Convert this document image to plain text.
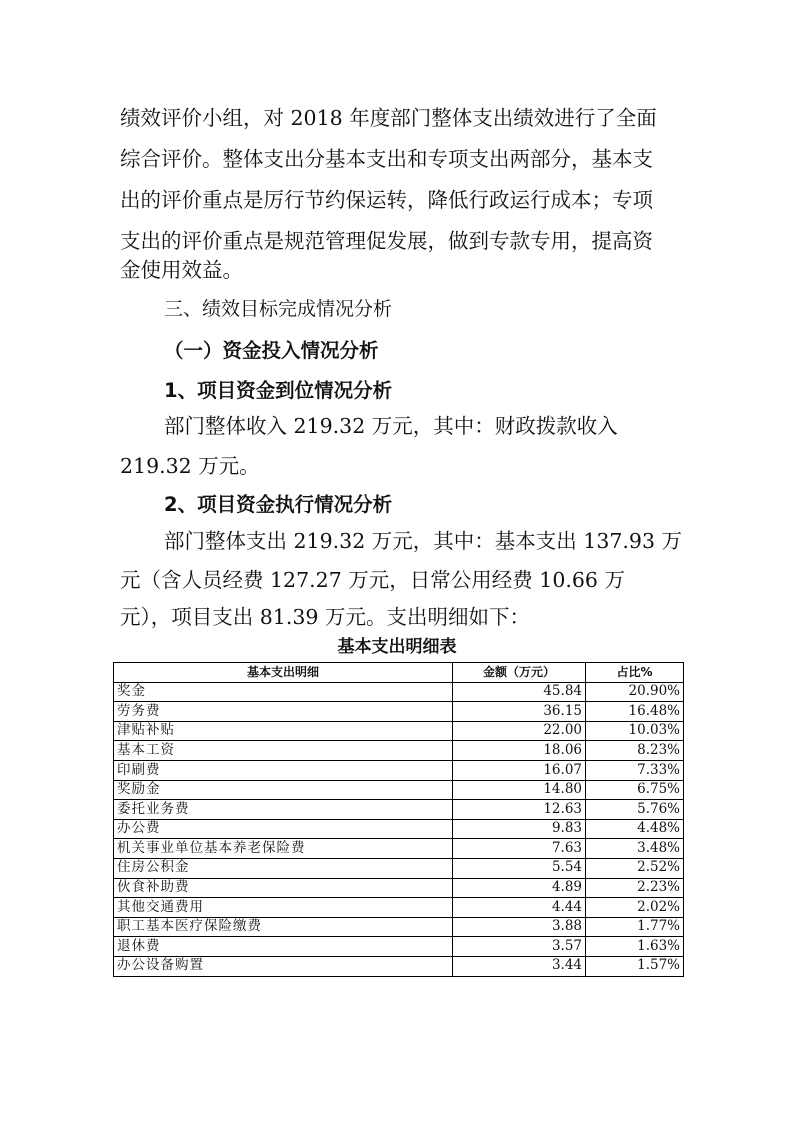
绩效评价小组，对 2018 年度部门整体支出绩效进行了全面
综合评价。整体支出分基本支出和专项支出两部分，基本支
出的评价重点是厉行节约保运转，降低行政运行成本；专项
支出的评价重点是规范管理促发展，做到专款专用，提高资
金使用效益。
三、绩效目标完成情况分析
（一）资金投入情况分析
1、项目资金到位情况分析
部门整体收入 219.32 万元，其中：财政拨款收入
219.32 万元。
2、项目资金执行情况分析
部门整体支出 219.32 万元，其中：基本支出 137.93 万
元（含人员经费 127.27 万元，日常公用经费 10.66 万
元），项目支出 81.39 万元。支出明细如下：
基本支出明细表
基本支出明细	金额（万元）	占比%
奖金	45.84	20.90%
劳务费	36.15	16.48%
津贴补贴	22.00	10.03%
基本工资	18.06	8.23%
印刷费	16.07	7.33%
奖励金	14.80	6.75%
委托业务费	12.63	5.76%
办公费	9.83	4.48%
机关事业单位基本养老保险费	7.63	3.48%
住房公积金	5.54	2.52%
伙食补助费	4.89	2.23%
其他交通费用	4.44	2.02%
职工基本医疗保险缴费	3.88	1.77%
退休费	3.57	1.63%
办公设备购置	3.44	1.57%
